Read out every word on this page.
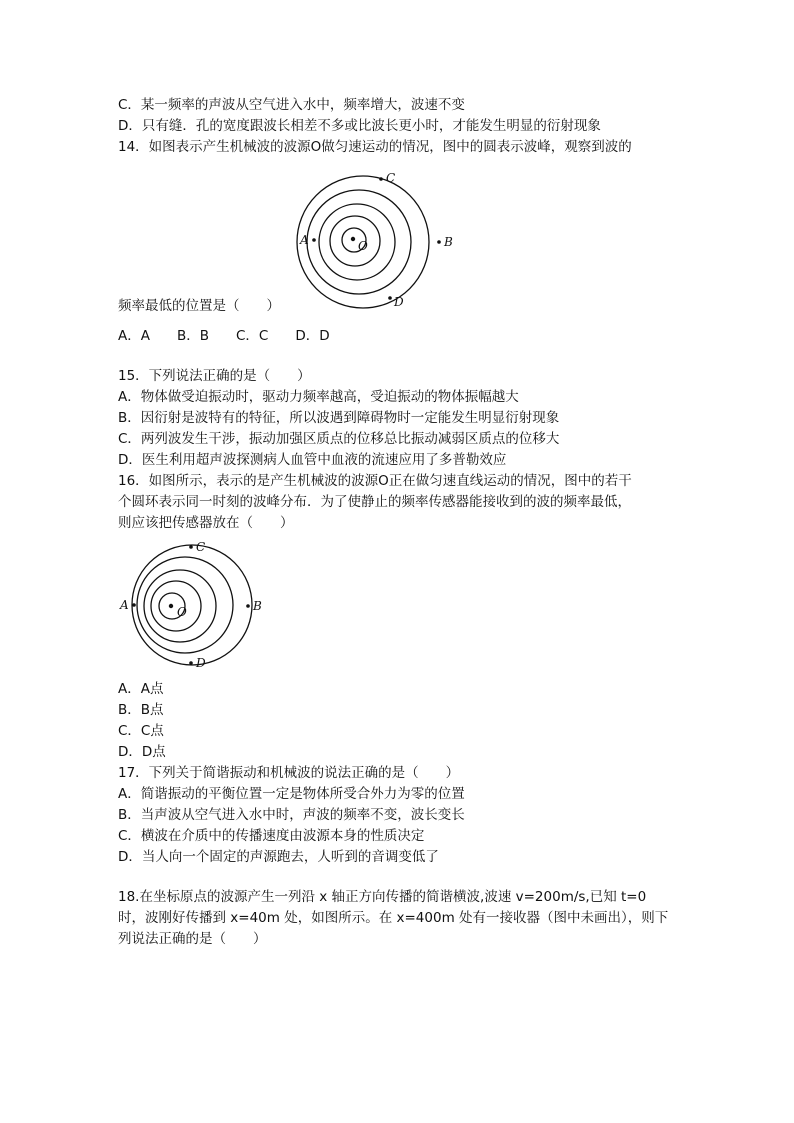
C．某一频率的声波从空气进入水中，频率增大，波速不变
D．只有缝．孔的宽度跟波长相差不多或比波长更小时，才能发生明显的衍射现象
14．如图表示产生机械波的波源O做匀速运动的情况，图中的圆表示波峰，观察到波的
O
A	B
C
D
频率最低的位置是（　　）
A．A　　B．B　　C．C　　D．D
15．下列说法正确的是（　　）
A．物体做受迫振动时，驱动力频率越高，受迫振动的物体振幅越大
B．因衍射是波特有的特征，所以波遇到障碍物时一定能发生明显衍射现象
C．两列波发生干涉，振动加强区质点的位移总比振动减弱区质点的位移大
D．医生利用超声波探测病人血管中血液的流速应用了多普勒效应
16．如图所示，表示的是产生机械波的波源O正在做匀速直线运动的情况，图中的若干
个圆环表示同一时刻的波峰分布．为了使静止的频率传感器能接收到的波的频率最低，
则应该把传感器放在（　　）
O
A	B
C
D
A．A点
B．B点
C．C点
D．D点
17．下列关于简谐振动和机械波的说法正确的是（　　）
A．简谐振动的平衡位置一定是物体所受合外力为零的位置
B．当声波从空气进入水中时，声波的频率不变，波长变长
C．横波在介质中的传播速度由波源本身的性质决定
D．当人向一个固定的声源跑去，人听到的音调变低了
18.在坐标原点的波源产生一列沿 x 轴正方向传播的简谐横波,波速 v=200m/s,已知 t=0
时，波刚好传播到 x=40m 处，如图所示。在 x=400m 处有一接收器（图中未画出），则下
列说法正确的是（　　）
